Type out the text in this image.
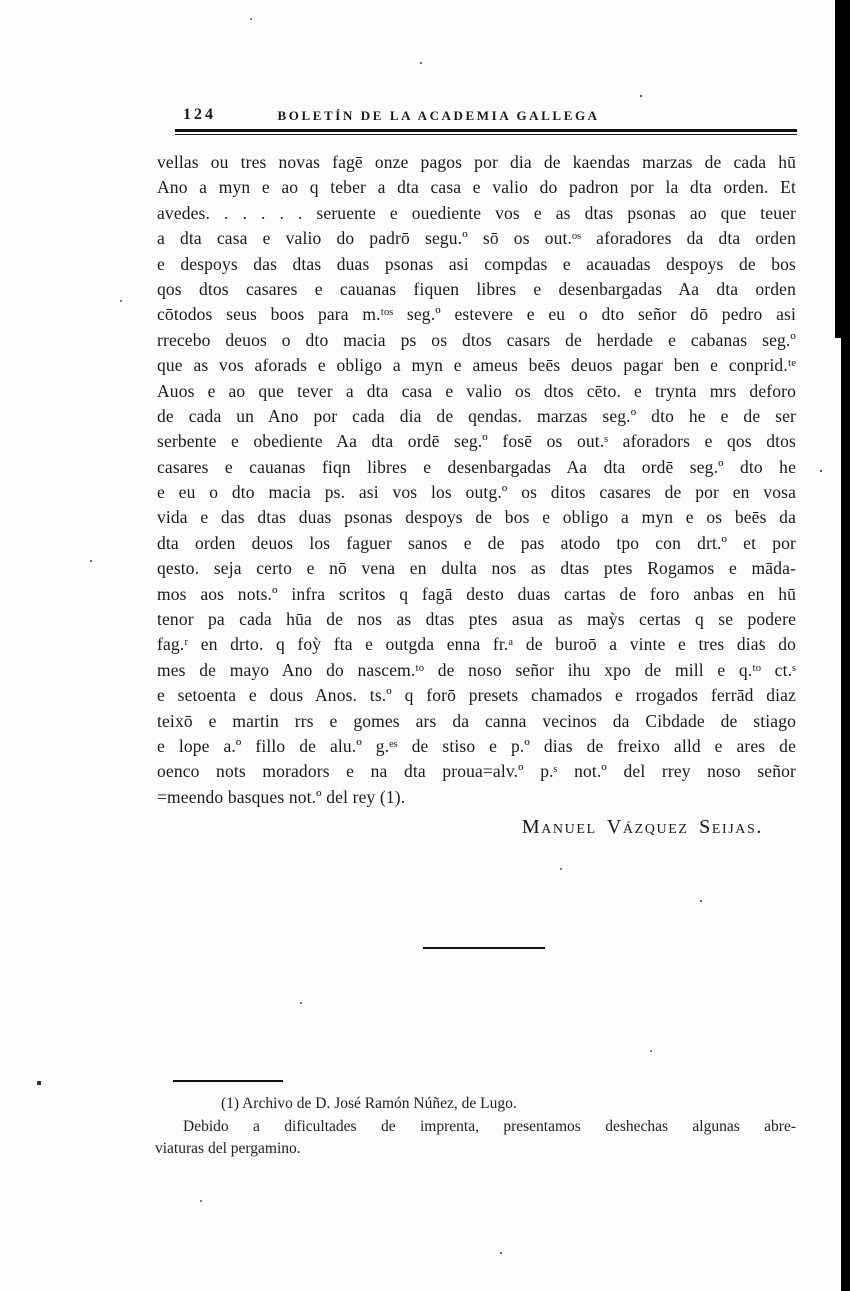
124	BOLETÍN DE LA ACADEMIA GALLEGA
vellas ou tres novas fagē onze pagos por dia de kaendas marzas de cada hū
Ano a myn e ao q teber a dta casa e valio do padron por la dta orden. Et
avedes. . . . . . seruente e ouediente vos e as dtas psonas ao que teuer
a dta casa e valio do padrō segu.º sō os out.ᵒˢ aforadores da dta orden
e despoys das dtas duas psonas asi compdas e acauadas despoys de bos
qos dtos casares e cauanas fiquen libres e desenbargadas Aa dta orden
cōtodos seus boos para m.ᵗᵒˢ seg.º estevere e eu o dto señor dō pedro asi
rrecebo deuos o dto macia ps os dtos casars de herdade e cabanas seg.º
que as vos aforads e obligo a myn e ameus beēs deuos pagar ben e conprid.ᵗᵉ
Auos e ao que tever a dta casa e valio os dtos cēto. e trynta mrs deforo
de cada un Ano por cada dia de qendas. marzas seg.º dto he e de ser
serbente e obediente Aa dta ordē seg.º fosē os out.ˢ aforadors e qos dtos
casares e cauanas fiqn libres e desenbargadas Aa dta ordē seg.º dto he
e eu o dto macia ps. asi vos los outg.º os ditos casares de por en vosa
vida e das dtas duas psonas despoys de bos e obligo a myn e os beēs da
dta orden deuos los faguer sanos e de pas atodo tpo con drt.º et por
qesto. seja certo e nō vena en dulta nos as dtas ptes Rogamos e māda-
mos aos nots.º infra scritos q fagā desto duas cartas de foro anbas en hū
tenor pa cada hūa de nos as dtas ptes asua as maỳs certas q se podere
fag.ʳ en drto. q foỳ fta e outgda enna fr.ᵃ de buroō a vinte e tres dias do
mes de mayo Ano do nascem.ᵗᵒ de noso señor ihu xpo de mill e q.ᵗᵒ ct.ˢ
e setoenta e dous Anos. ts.º q forō presets chamados e rrogados ferrād diaz
teixō e martin rrs e gomes ars da canna vecinos da Cibdade de stiago
e lope a.º fillo de alu.º g.ᵉˢ de stiso e p.º dias de freixo alld e ares de
oenco nots moradors e na dta proua=alv.º p.ˢ not.º del rrey noso señor
=meendo basques not.º del rey (1).
Manuel Vázquez Seijas.
(1) Archivo de D. José Ramón Núñez, de Lugo.
Debido a dificultades de imprenta, presentamos deshechas algunas abre-
viaturas del pergamino.
